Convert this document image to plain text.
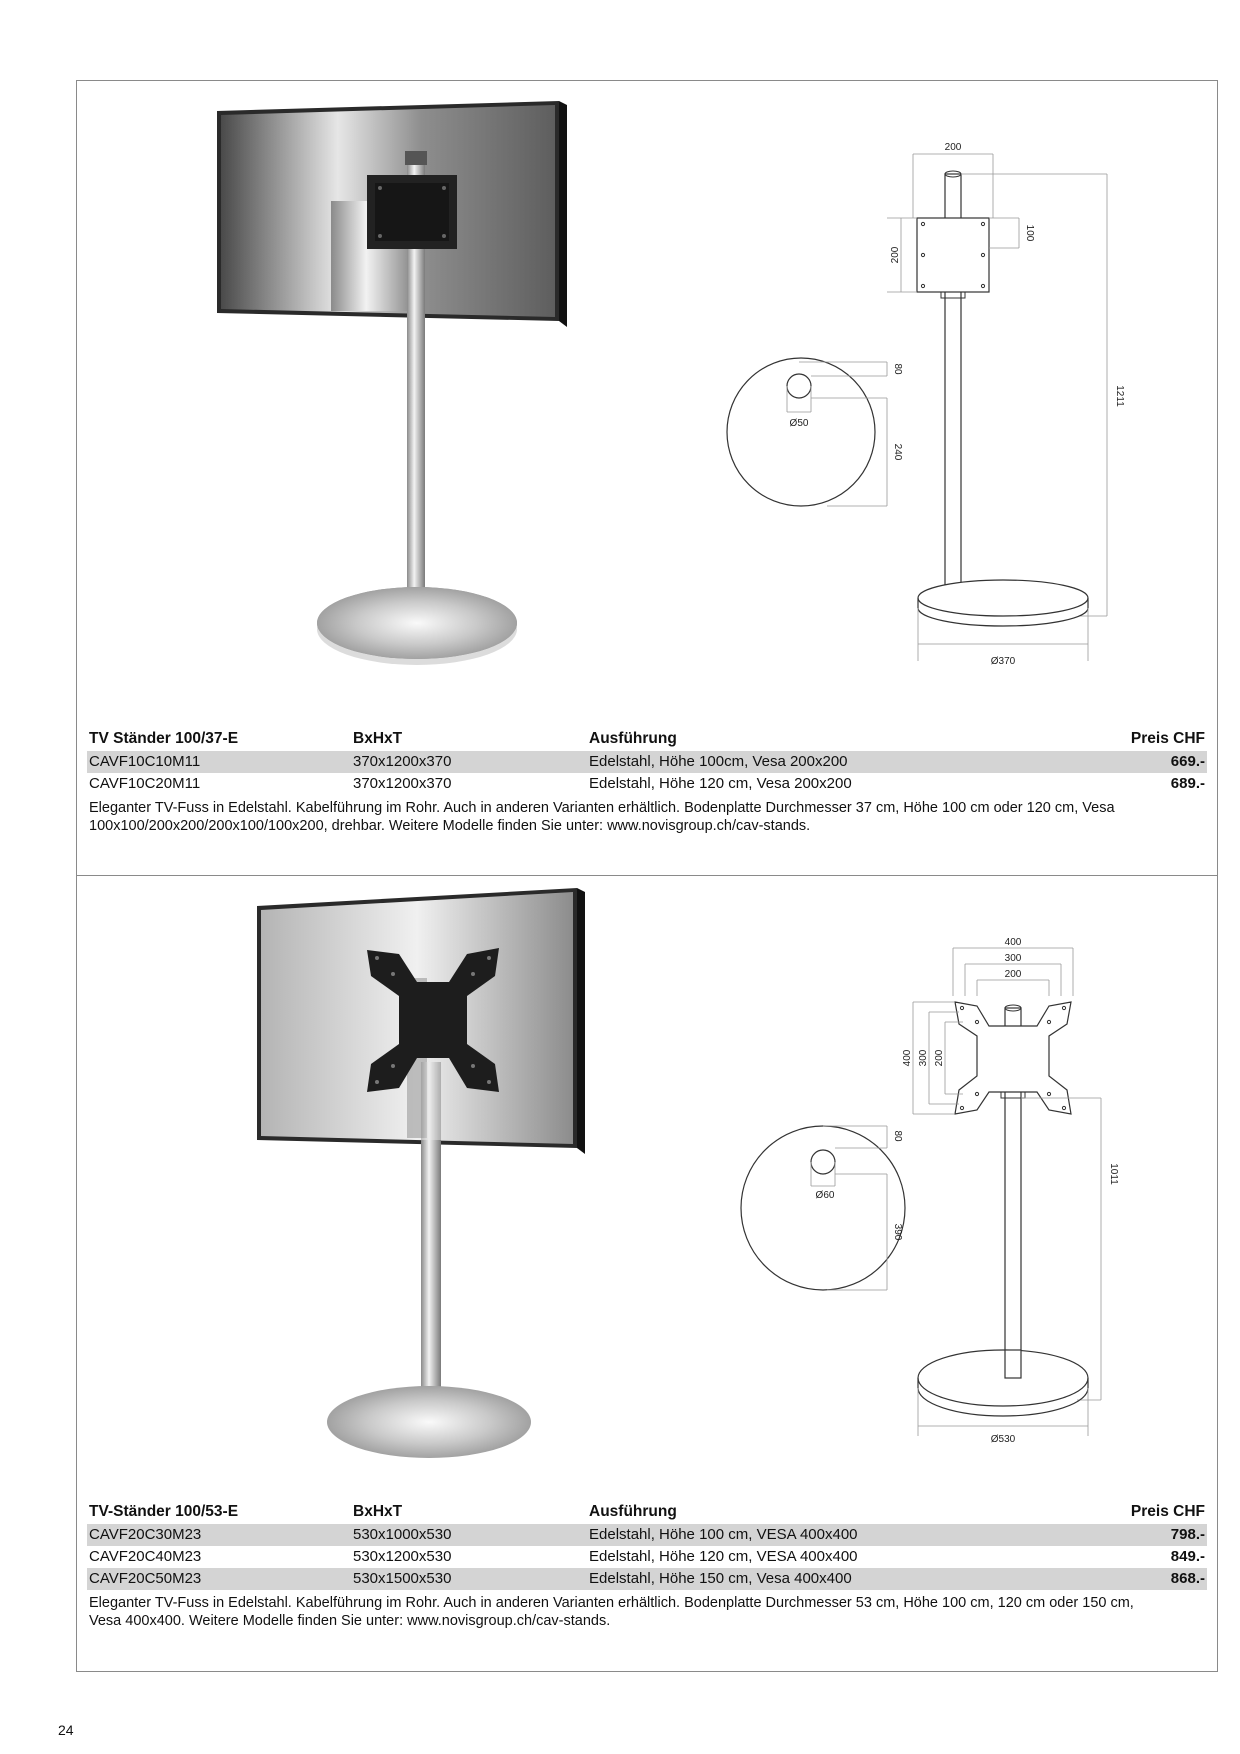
200
200
100
1211
Ø370
80
Ø50
240
TV Ständer 100/37-E	BxHxT	Ausführung	Preis CHF
CAVF10C10M11	370x1200x370	Edelstahl, Höhe 100cm, Vesa 200x200	669.-
CAVF10C20M11	370x1200x370	Edelstahl, Höhe 120 cm, Vesa 200x200	689.-
Eleganter TV-Fuss in Edelstahl. Kabelführung im Rohr. Auch in anderen Varianten erhältlich. Bodenplatte Durchmesser 37 cm, Höhe 100 cm oder 120 cm, Vesa 100x100/200x200/200x100/100x200, drehbar. Weitere Modelle finden Sie unter: www.novisgroup.ch/cav-stands.
400
300
200
400 300 200
1011
Ø530
80
Ø60
390
TV-Ständer 100/53-E	BxHxT	Ausführung	Preis CHF
CAVF20C30M23	530x1000x530	Edelstahl, Höhe 100 cm, VESA 400x400	798.-
CAVF20C40M23	530x1200x530	Edelstahl, Höhe 120 cm, VESA 400x400	849.-
CAVF20C50M23	530x1500x530	Edelstahl, Höhe 150 cm, Vesa 400x400	868.-
Eleganter TV-Fuss in Edelstahl. Kabelführung im Rohr. Auch in anderen Varianten erhältlich. Bodenplatte Durchmesser 53 cm, Höhe 100 cm, 120 cm oder 150 cm, Vesa 400x400. Weitere Modelle finden Sie unter: www.novisgroup.ch/cav-stands.
24
